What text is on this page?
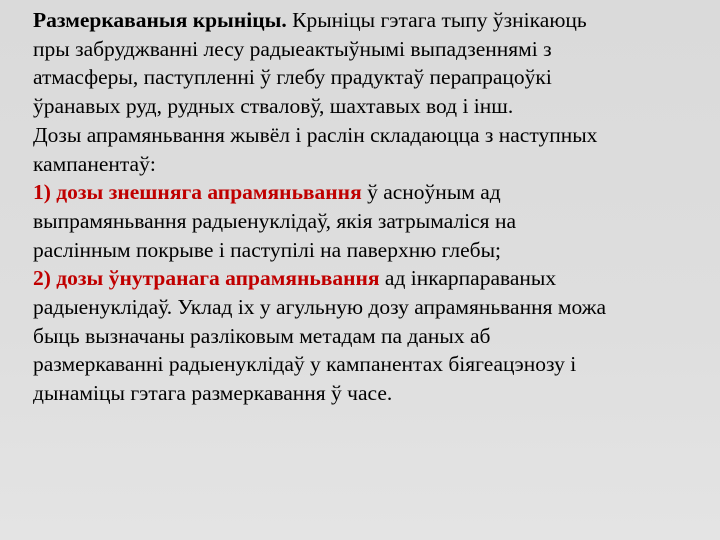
Размеркаваныя крыніцы. Крыніцы гэтага тыпу ўзнікаюць
пры забруджванні лесу радыеактыўнымі выпадзеннямі з
атмасферы, паступленні ў глебу прадуктаў перапрацоўкі
ўранавых руд, рудных стваловў, шахтавых вод і інш.
Дозы апрамяньвання жывёл і раслін складаюцца з наступных
кампанентаў:
1) дозы знешняга апрамяньвання ў асноўным ад
выпрамяньвання радыенуклідаў, якія затрымаліся на
раслінным покрыве і паступілі на паверхню глебы;
2) дозы ўнутранага апрамяньвання ад інкарпараваных
радыенуклідаў. Уклад іх у агульную дозу апрамяньвання можа
быць вызначаны разліковым метадам па даных аб
размеркаванні радыенуклідаў у кампанентах біягеацэнозу і
дынаміцы гэтага размеркавання ў часе.
